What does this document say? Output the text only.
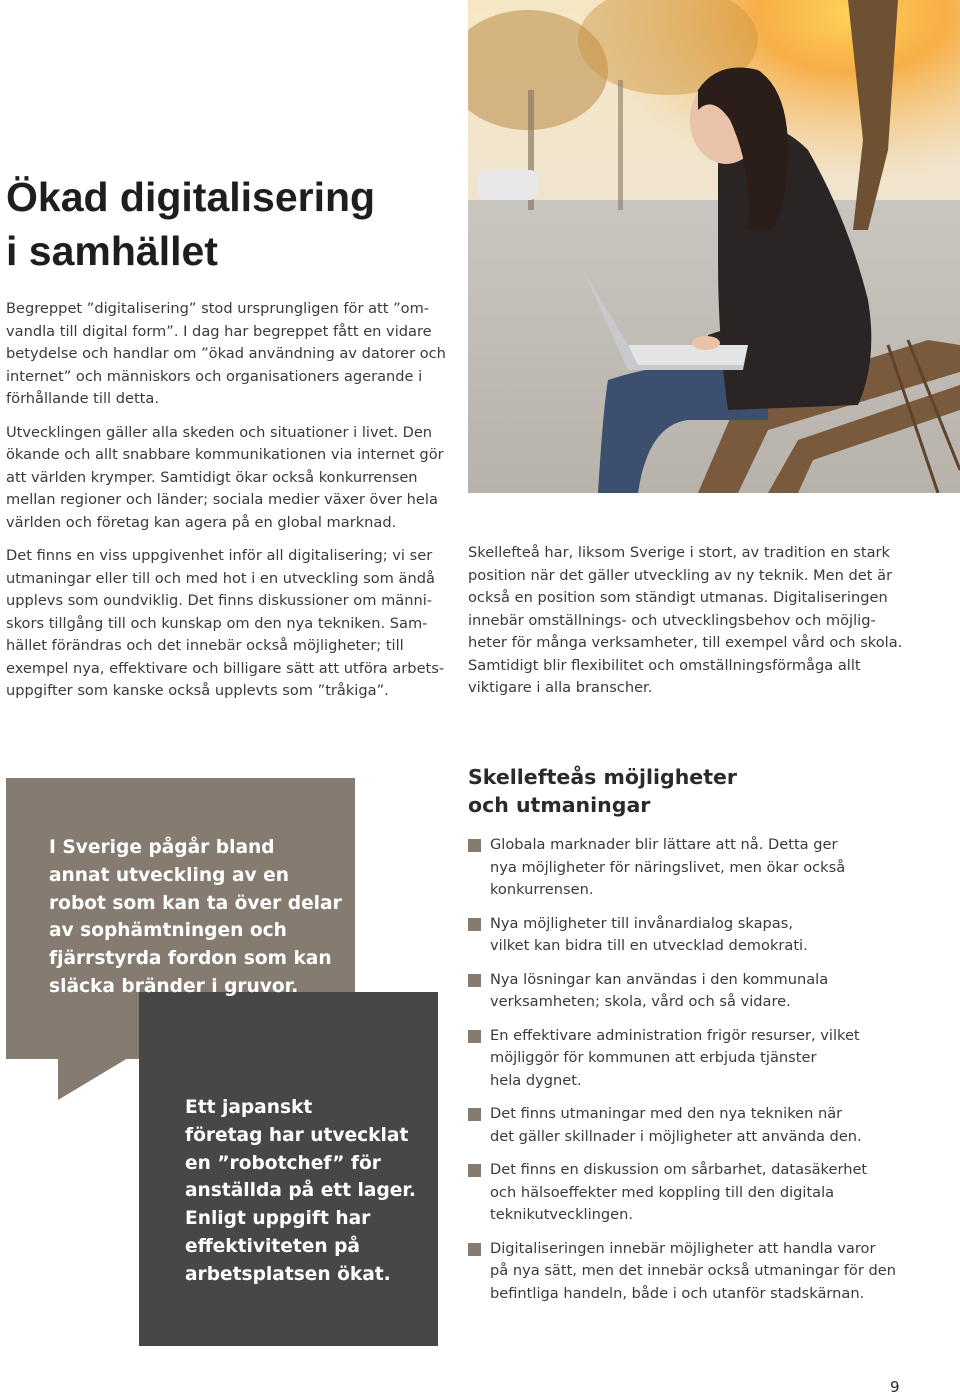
Ökad digitalisering
i samhället

Begreppet ”digitalisering” stod ursprungligen för att ”om-
vandla till digital form”. I dag har begreppet fått en vidare
betydelse och handlar om ”ökad användning av datorer och
internet” och människors och organisationers agerande i
förhållande till detta.

Utvecklingen gäller alla skeden och situationer i livet. Den
ökande och allt snabbare kommunikationen via internet gör
att världen krymper. Samtidigt ökar också konkurrensen
mellan regioner och länder; sociala medier växer över hela
världen och företag kan agera på en global marknad.

Det finns en viss uppgivenhet inför all digitalisering; vi ser
utmaningar eller till och med hot i en utveckling som ändå
upplevs som oundviklig. Det finns diskussioner om männi-
skors tillgång till och kunskap om den nya tekniken. Sam-
hället förändras och det innebär också möjligheter; till
exempel nya, effektivare och billigare sätt att utföra arbets-
uppgifter som kanske också upplevts som ”tråkiga”.

Skellefteå har, liksom Sverige i stort, av tradition en stark
position när det gäller utveckling av ny teknik. Men det är
också en position som ständigt utmanas. Digitaliseringen
innebär omställnings- och utvecklingsbehov och möjlig-
heter för många verksamheter, till exempel vård och skola.
Samtidigt blir flexibilitet och omställningsförmåga allt
viktigare i alla branscher.

I Sverige pågår bland
annat utveckling av en
robot som kan ta över delar
av sophämtningen och
fjärrstyrda fordon som kan
släcka bränder i gruvor.
Ett japanskt
företag har utvecklat
en ”robotchef” för
anställda på ett lager.
Enligt uppgift har
effektiviteten på
arbetsplatsen ökat.
Skellefteås möjligheter
och utmaningar
Globala marknader blir lättare att nå. Detta ger
nya möjligheter för näringslivet, men ökar också
konkurrensen.
Nya möjligheter till invånardialog skapas,
vilket kan bidra till en utvecklad demokrati.
Nya lösningar kan användas i den kommunala
verksamheten; skola, vård och så vidare.
En effektivare administration frigör resurser, vilket
möjliggör för kommunen att erbjuda tjänster
hela dygnet.
Det finns utmaningar med den nya tekniken när
det gäller skillnader i möjligheter att använda den.
Det finns en diskussion om sårbarhet, datasäkerhet
och hälsoeffekter med koppling till den digitala
teknikutvecklingen.
Digitaliseringen innebär möjligheter att handla varor
på nya sätt, men det innebär också utmaningar för den
befintliga handeln, både i och utanför stadskärnan.
9
